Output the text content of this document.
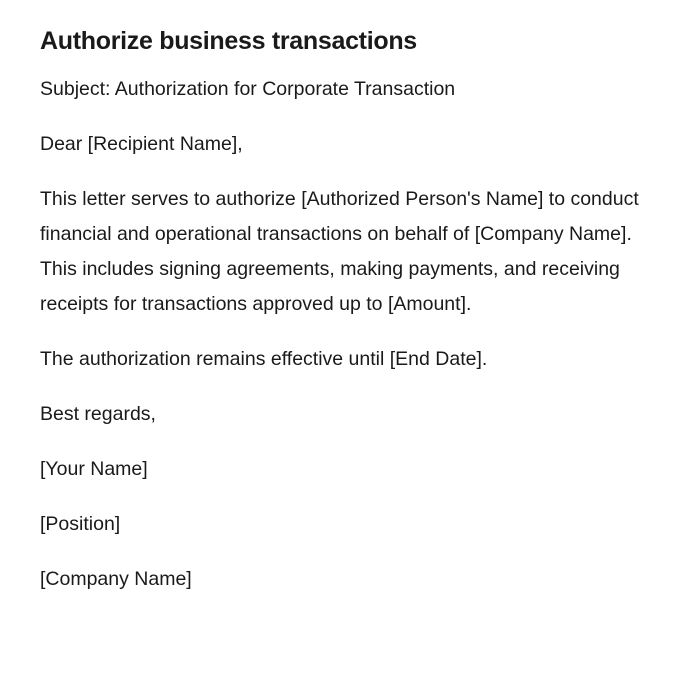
Authorize business transactions

Subject: Authorization for Corporate Transaction

Dear [Recipient Name],

This letter serves to authorize [Authorized Person's Name] to conduct financial and operational transactions on behalf of [Company Name]. This includes signing agreements, making payments, and receiving receipts for transactions approved up to [Amount].

The authorization remains effective until [End Date].

Best regards,

[Your Name]

[Position]

[Company Name]
